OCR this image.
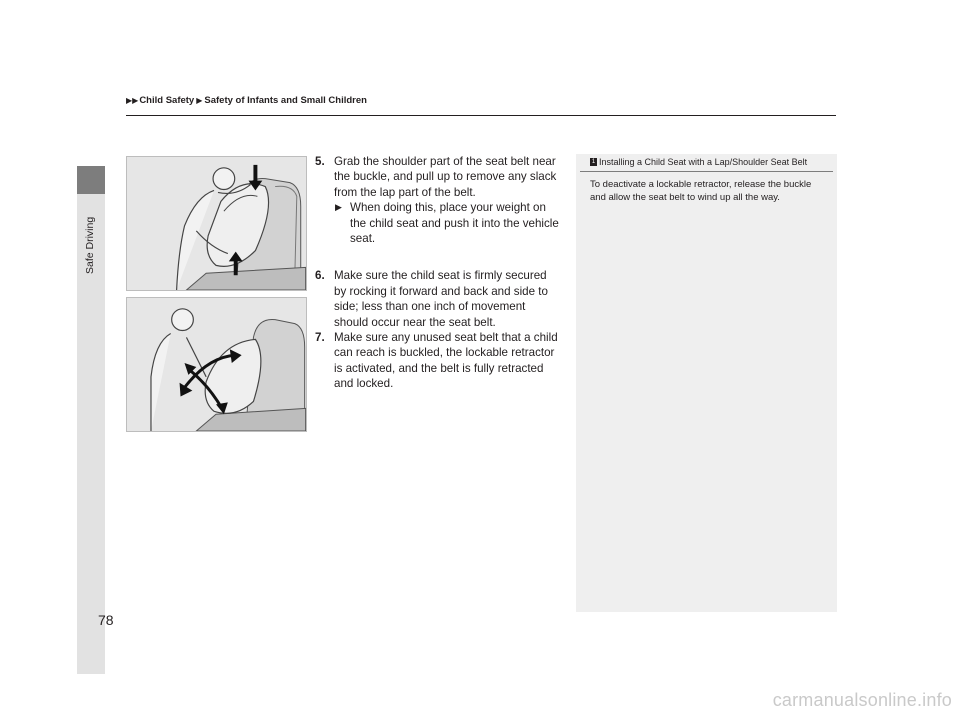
Safe Driving
▶▶ Child Safety ▶ Safety of Infants and Small Children
5. Grab the shoulder part of the seat belt near the buckle, and pull up to remove any slack from the lap part of the belt.
▶ When doing this, place your weight on the child seat and push it into the vehicle seat.
6. Make sure the child seat is firmly secured by rocking it forward and back and side to side; less than one inch of movement should occur near the seat belt.
7. Make sure any unused seat belt that a child can reach is buckled, the lockable retractor is activated, and the belt is fully retracted and locked.
1 Installing a Child Seat with a Lap/Shoulder Seat Belt
To deactivate a lockable retractor, release the buckle and allow the seat belt to wind up all the way.
78
carmanualsonline.info
